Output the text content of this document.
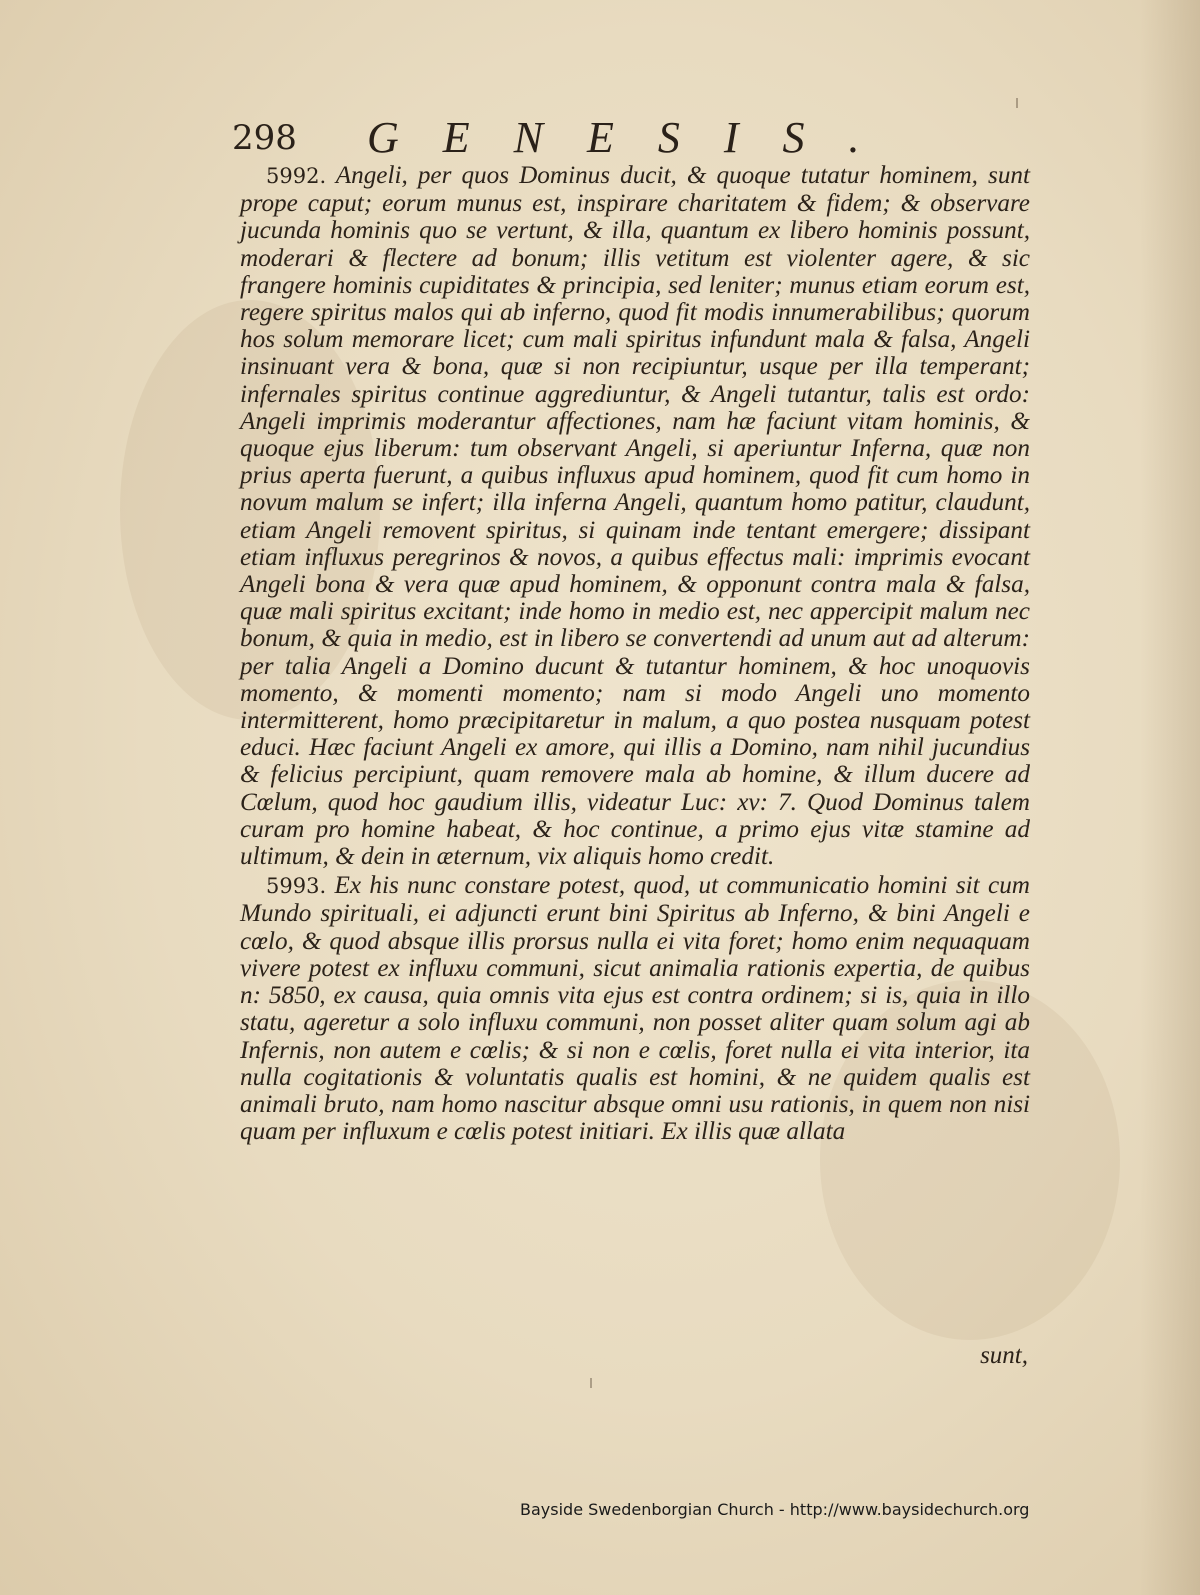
298 GENESIS.

5992. Angeli, per quos Dominus ducit, & quoque tutatur hominem, sunt prope caput; eorum munus est, inspirare charitatem & fidem; & observare jucunda hominis quo se vertunt, & illa, quantum ex libero hominis possunt, moderari & flectere ad bonum; illis vetitum est violenter agere, & sic frangere hominis cupiditates & principia, sed leniter; munus etiam eorum est, regere spiritus malos qui ab inferno, quod fit modis innumerabilibus; quorum hos solum memorare licet; cum mali spiritus infundunt mala & falsa, Angeli insinuant vera & bona, quæ si non recipiuntur, usque per illa temperant; infernales spiritus continue aggrediuntur, & Angeli tutantur, talis est ordo: Angeli imprimis moderantur affectiones, nam hæ faciunt vitam hominis, & quoque ejus liberum: tum observant Angeli, si aperiuntur Inferna, quæ non prius aperta fuerunt, a quibus influxus apud hominem, quod fit cum homo in novum malum se infert; illa inferna Angeli, quantum homo patitur, claudunt, etiam Angeli removent spiritus, si quinam inde tentant emergere; dissipant etiam influxus peregrinos & novos, a quibus effectus mali: imprimis evocant Angeli bona & vera quæ apud hominem, & opponunt contra mala & falsa, quæ mali spiritus excitant; inde homo in medio est, nec appercipit malum nec bonum, & quia in medio, est in libero se convertendi ad unum aut ad alterum: per talia Angeli a Domino ducunt & tutantur hominem, & hoc unoquovis momento, & momenti momento; nam si modo Angeli uno momento intermitterent, homo præcipitaretur in malum, a quo postea nusquam potest educi. Hæc faciunt Angeli ex amore, qui illis a Domino, nam nihil jucundius & felicius percipiunt, quam removere mala ab homine, & illum ducere ad Cœlum, quod hoc gaudium illis, videatur Luc: xv: 7. Quod Dominus talem curam pro homine habeat, & hoc continue, a primo ejus vitæ stamine ad ultimum, & dein in æternum, vix aliquis homo credit.

5993. Ex his nunc constare potest, quod, ut communicatio homini sit cum Mundo spirituali, ei adjuncti erunt bini Spiritus ab Inferno, & bini Angeli e cœlo, & quod absque illis prorsus nulla ei vita foret; homo enim nequaquam vivere potest ex influxu communi, sicut animalia rationis expertia, de quibus n: 5850, ex causa, quia omnis vita ejus est contra ordinem; si is, quia in illo statu, ageretur a solo influxu communi, non posset aliter quam solum agi ab Infernis, non autem e cœlis; & si non e cœlis, foret nulla ei vita interior, ita nulla cogitationis & voluntatis qualis est homini, & ne quidem qualis est animali bruto, nam homo nascitur absque omni usu rationis, in quem non nisi quam per influxum e cœlis potest initiari. Ex illis quæ allata

sunt,
Bayside Swedenborgian Church - http://www.baysidechurch.org
